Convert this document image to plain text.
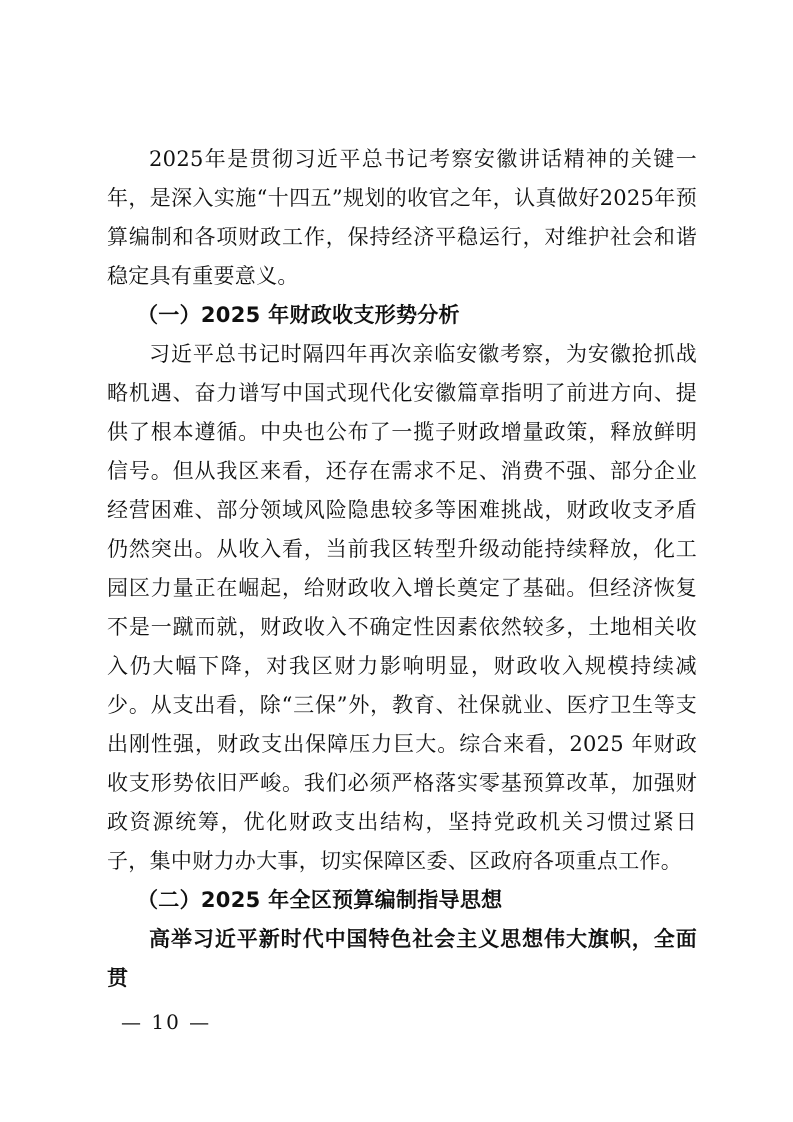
2025年是贯彻习近平总书记考察安徽讲话精神的关键一年，是深入实施“十四五”规划的收官之年，认真做好2025年预算编制和各项财政工作，保持经济平稳运行，对维护社会和谐稳定具有重要意义。

（一）2025 年财政收支形势分析

习近平总书记时隔四年再次亲临安徽考察，为安徽抢抓战略机遇、奋力谱写中国式现代化安徽篇章指明了前进方向、提供了根本遵循。中央也公布了一揽子财政增量政策，释放鲜明信号。但从我区来看，还存在需求不足、消费不强、部分企业经营困难、部分领域风险隐患较多等困难挑战，财政收支矛盾仍然突出。从收入看，当前我区转型升级动能持续释放，化工园区力量正在崛起，给财政收入增长奠定了基础。但经济恢复不是一蹴而就，财政收入不确定性因素依然较多，土地相关收入仍大幅下降，对我区财力影响明显，财政收入规模持续减少。从支出看，除“三保”外，教育、社保就业、医疗卫生等支出刚性强，财政支出保障压力巨大。综合来看，2025 年财政收支形势依旧严峻。我们必须严格落实零基预算改革，加强财政资源统筹，优化财政支出结构，坚持党政机关习惯过紧日子，集中财力办大事，切实保障区委、区政府各项重点工作。

（二）2025 年全区预算编制指导思想

高举习近平新时代中国特色社会主义思想伟大旗帜，全面贯

— 10 —
